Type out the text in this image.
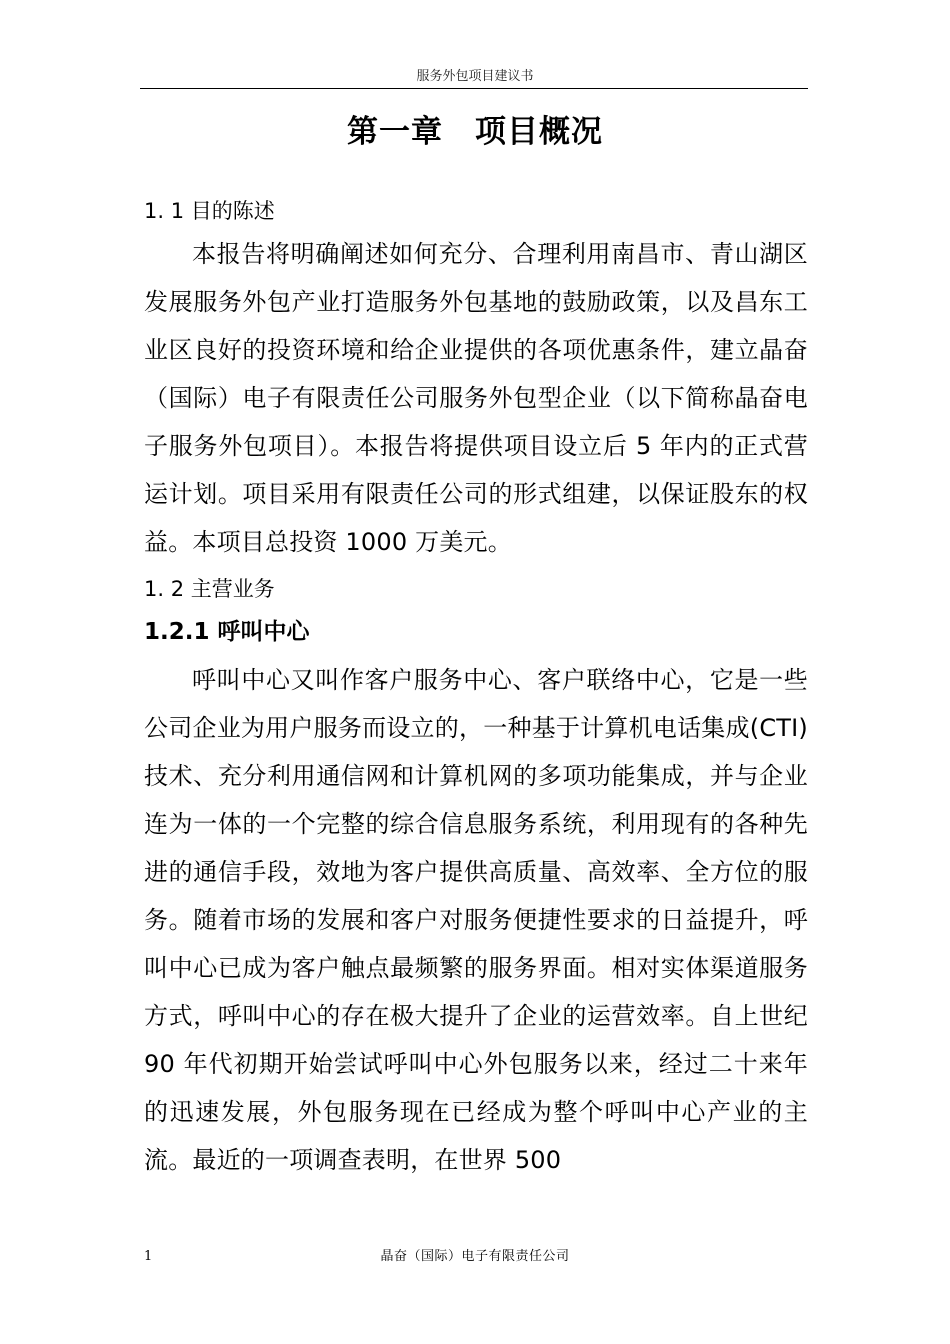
服务外包项目建议书
第一章　项目概况

1. 1 目的陈述

本报告将明确阐述如何充分、合理利用南昌市、青山湖区发展服务外包产业打造服务外包基地的鼓励政策，以及昌东工业区良好的投资环境和给企业提供的各项优惠条件，建立晶奋（国际）电子有限责任公司服务外包型企业（以下简称晶奋电子服务外包项目）。本报告将提供项目设立后 5 年内的正式营运计划。项目采用有限责任公司的形式组建，以保证股东的权益。本项目总投资 1000 万美元。

1. 2 主营业务

1.2.1 呼叫中心

呼叫中心又叫作客户服务中心、客户联络中心，它是一些公司企业为用户服务而设立的，一种基于计算机电话集成(CTI)技术、充分利用通信网和计算机网的多项功能集成，并与企业连为一体的一个完整的综合信息服务系统，利用现有的各种先进的通信手段，效地为客户提供高质量、高效率、全方位的服务。随着市场的发展和客户对服务便捷性要求的日益提升，呼叫中心已成为客户触点最频繁的服务界面。相对实体渠道服务方式，呼叫中心的存在极大提升了企业的运营效率。自上世纪 90 年代初期开始尝试呼叫中心外包服务以来，经过二十来年的迅速发展，外包服务现在已经成为整个呼叫中心产业的主流。最近的一项调查表明，在世界 500

1	晶奋（国际）电子有限责任公司
